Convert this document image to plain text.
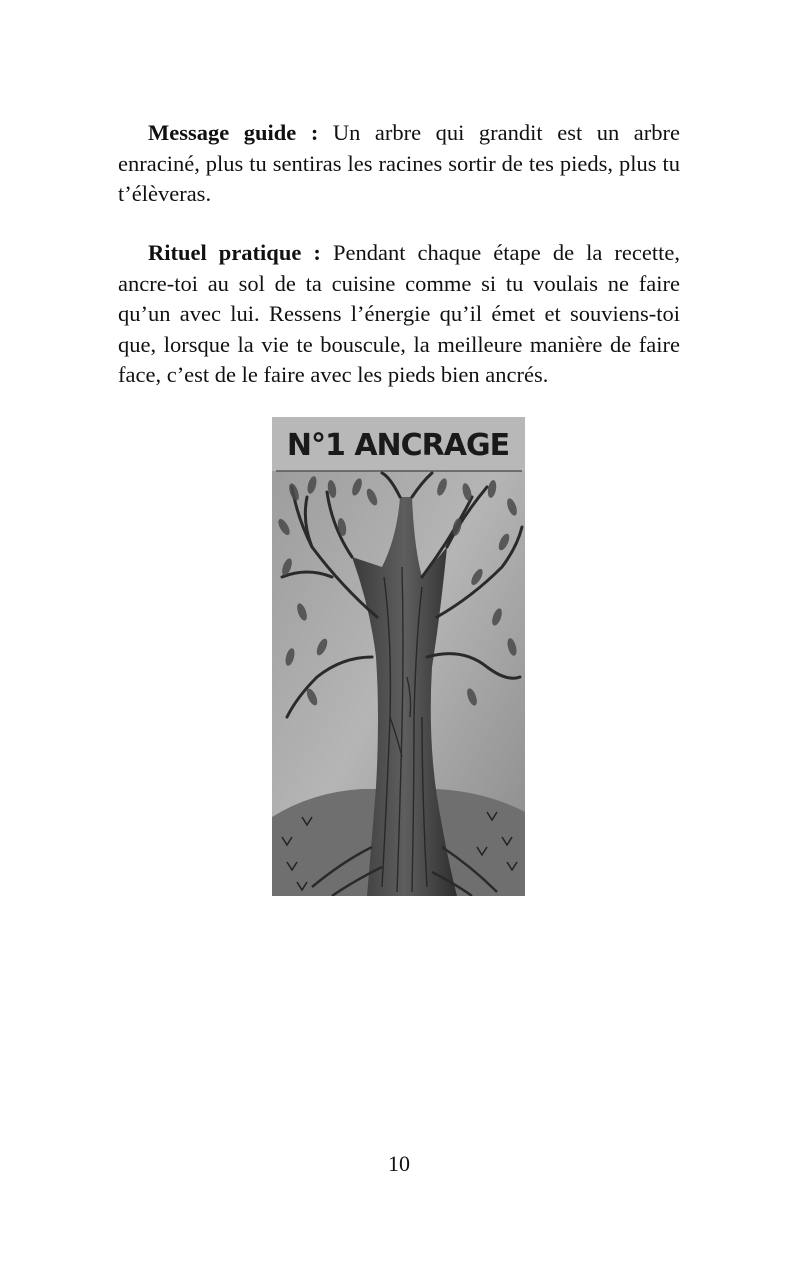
Message guide : Un arbre qui grandit est un arbre enraciné, plus tu sentiras les racines sortir de tes pieds, plus tu t’élèveras.

Rituel pratique : Pendant chaque étape de la recette, ancre-toi au sol de ta cuisine comme si tu voulais ne faire qu’un avec lui. Ressens l’énergie qu’il émet et souviens-toi que, lorsque la vie te bouscule, la meilleure manière de faire face, c’est de le faire avec les pieds bien ancrés.

N°1 ANCRAGE
10
